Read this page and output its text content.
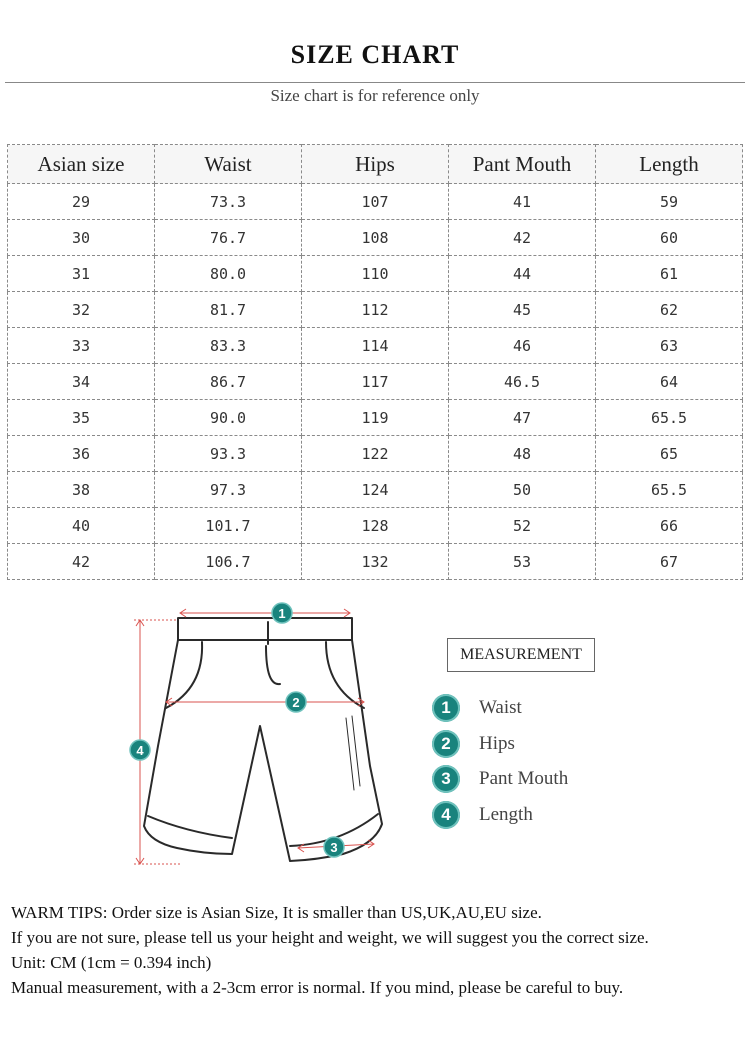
SIZE CHART
Size chart is for reference only
Asian size	Waist	Hips	Pant Mouth	Length
29	73.3	107	41	59
30	76.7	108	42	60
31	80.0	110	44	61
32	81.7	112	45	62
33	83.3	114	46	63
34	86.7	117	46.5	64
35	90.0	119	47	65.5
36	93.3	122	48	65
38	97.3	124	50	65.5
40	101.7	128	52	66
42	106.7	132	53	67
1
2
3
4
MEASUREMENT
1	Waist
2	Hips
3	Pant Mouth
4	Length

WARM TIPS: Order size is Asian Size, It is smaller than US,UK,AU,EU size.

If you are not sure, please tell us your height and weight, we will suggest you the correct size.

Unit: CM (1cm = 0.394 inch)

Manual measurement, with a 2-3cm error is normal. If you mind, please be careful to buy.
